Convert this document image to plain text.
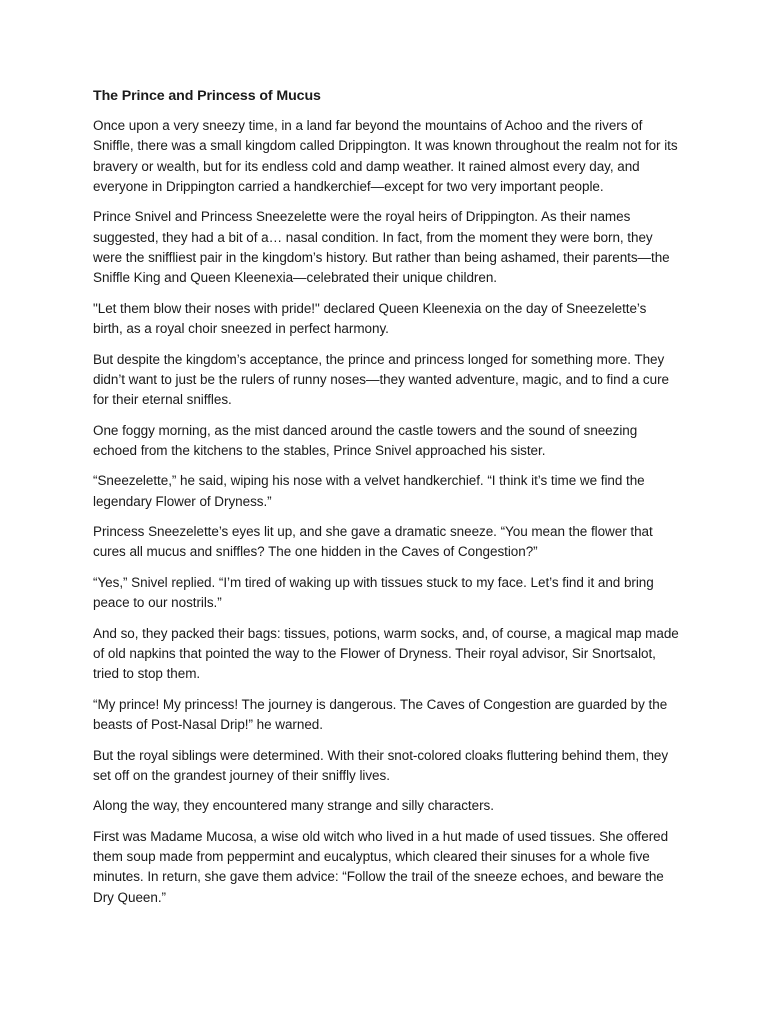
The Prince and Princess of Mucus

Once upon a very sneezy time, in a land far beyond the mountains of Achoo and the rivers of Sniffle, there was a small kingdom called Drippington. It was known throughout the realm not for its bravery or wealth, but for its endless cold and damp weather. It rained almost every day, and everyone in Drippington carried a handkerchief—except for two very important people.

Prince Snivel and Princess Sneezelette were the royal heirs of Drippington. As their names suggested, they had a bit of a… nasal condition. In fact, from the moment they were born, they were the sniffliest pair in the kingdom’s history. But rather than being ashamed, their parents—the Sniffle King and Queen Kleenexia—celebrated their unique children.

"Let them blow their noses with pride!" declared Queen Kleenexia on the day of Sneezelette’s birth, as a royal choir sneezed in perfect harmony.

But despite the kingdom’s acceptance, the prince and princess longed for something more. They didn’t want to just be the rulers of runny noses—they wanted adventure, magic, and to find a cure for their eternal sniffles.

One foggy morning, as the mist danced around the castle towers and the sound of sneezing echoed from the kitchens to the stables, Prince Snivel approached his sister.

“Sneezelette,” he said, wiping his nose with a velvet handkerchief. “I think it’s time we find the legendary Flower of Dryness.”

Princess Sneezelette’s eyes lit up, and she gave a dramatic sneeze. “You mean the flower that cures all mucus and sniffles? The one hidden in the Caves of Congestion?”

“Yes,” Snivel replied. “I’m tired of waking up with tissues stuck to my face. Let’s find it and bring peace to our nostrils.”

And so, they packed their bags: tissues, potions, warm socks, and, of course, a magical map made of old napkins that pointed the way to the Flower of Dryness. Their royal advisor, Sir Snortsalot, tried to stop them.

“My prince! My princess! The journey is dangerous. The Caves of Congestion are guarded by the beasts of Post-Nasal Drip!” he warned.

But the royal siblings were determined. With their snot-colored cloaks fluttering behind them, they set off on the grandest journey of their sniffly lives.

Along the way, they encountered many strange and silly characters.

First was Madame Mucosa, a wise old witch who lived in a hut made of used tissues. She offered them soup made from peppermint and eucalyptus, which cleared their sinuses for a whole five minutes. In return, she gave them advice: “Follow the trail of the sneeze echoes, and beware the Dry Queen.”
